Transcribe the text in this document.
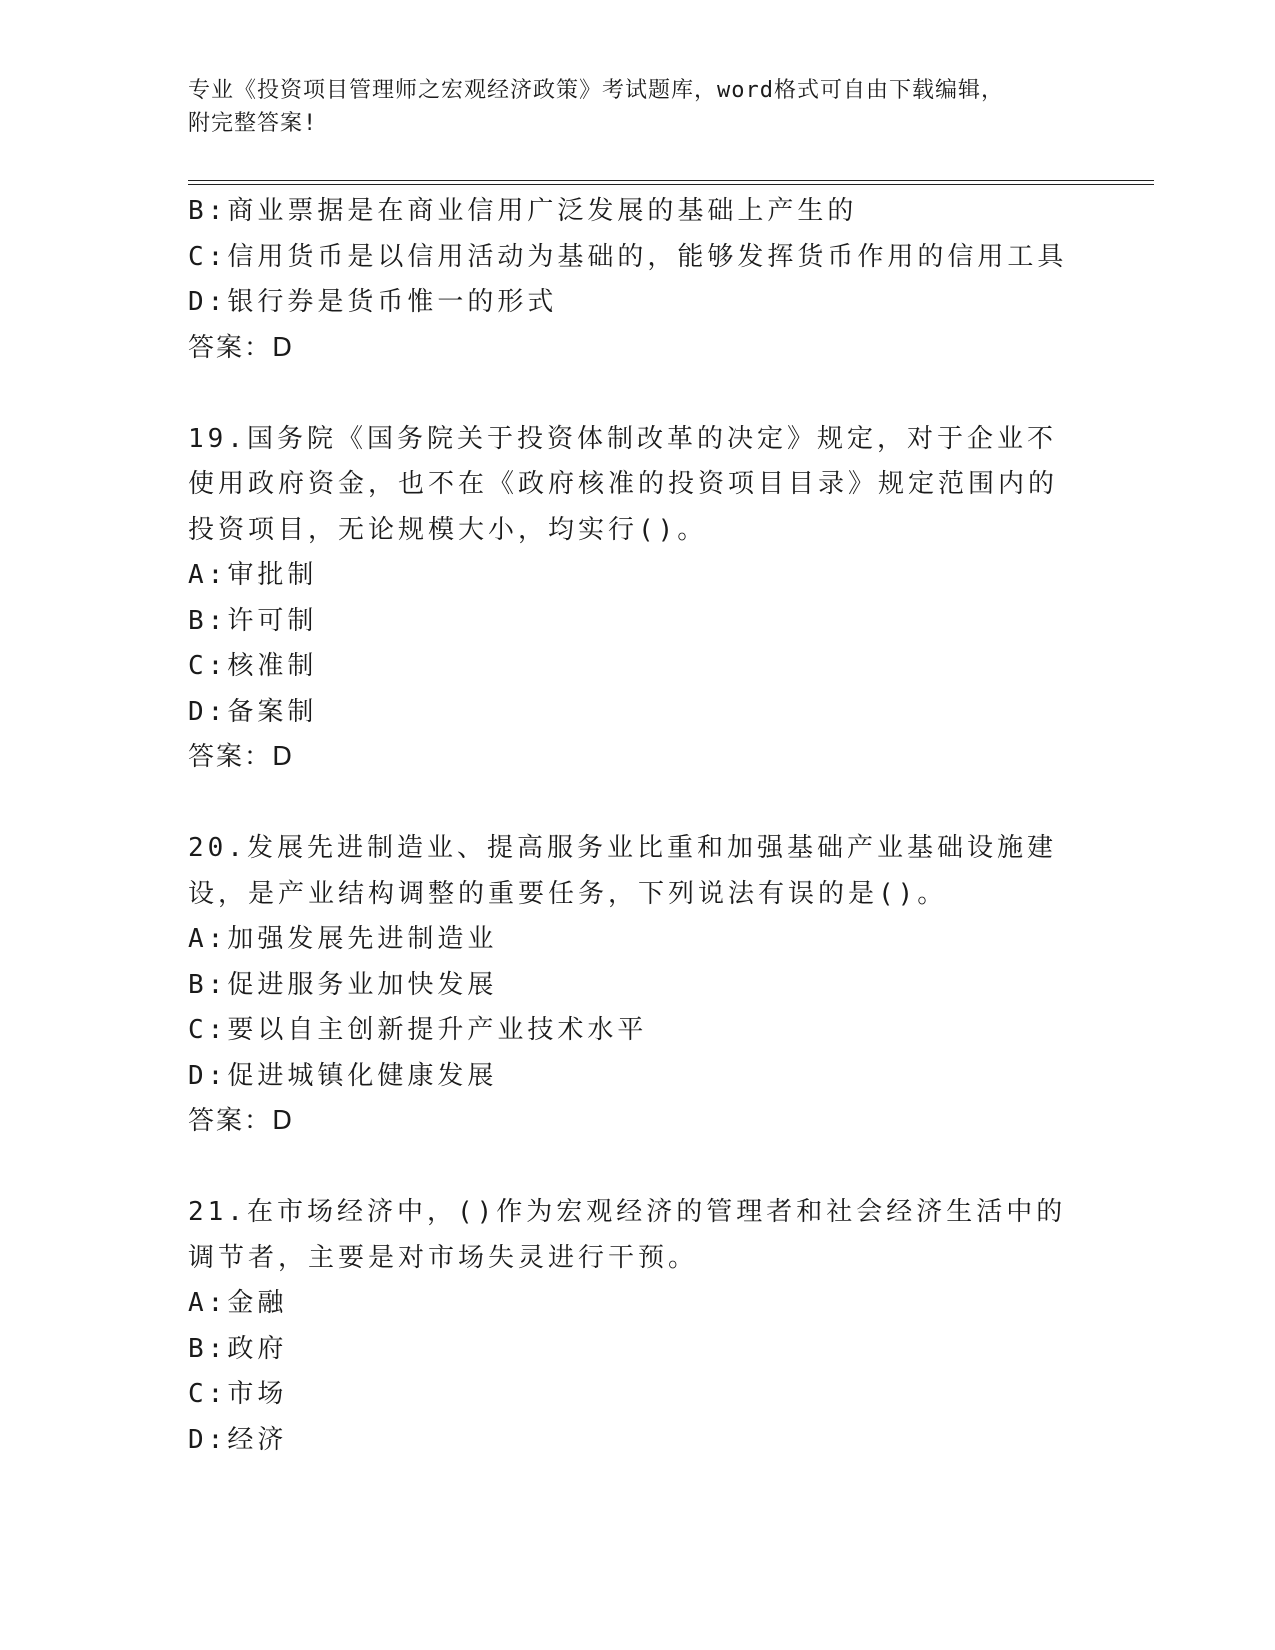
专业《投资项目管理师之宏观经济政策》考试题库，word格式可自由下载编辑，
附完整答案!
B:商业票据是在商业信用广泛发展的基础上产生的
C:信用货币是以信用活动为基础的，能够发挥货币作用的信用工具
D:银行券是货币惟一的形式
答案：D
19.国务院《国务院关于投资体制改革的决定》规定，对于企业不使用政府资金，也不在《政府核准的投资项目目录》规定范围内的投资项目，无论规模大小，均实行()。
A:审批制
B:许可制
C:核准制
D:备案制
答案：D
20.发展先进制造业、提高服务业比重和加强基础产业基础设施建设，是产业结构调整的重要任务，下列说法有误的是()。
A:加强发展先进制造业
B:促进服务业加快发展
C:要以自主创新提升产业技术水平
D:促进城镇化健康发展
答案：D
21.在市场经济中，()作为宏观经济的管理者和社会经济生活中的调节者，主要是对市场失灵进行干预。
A:金融
B:政府
C:市场
D:经济
